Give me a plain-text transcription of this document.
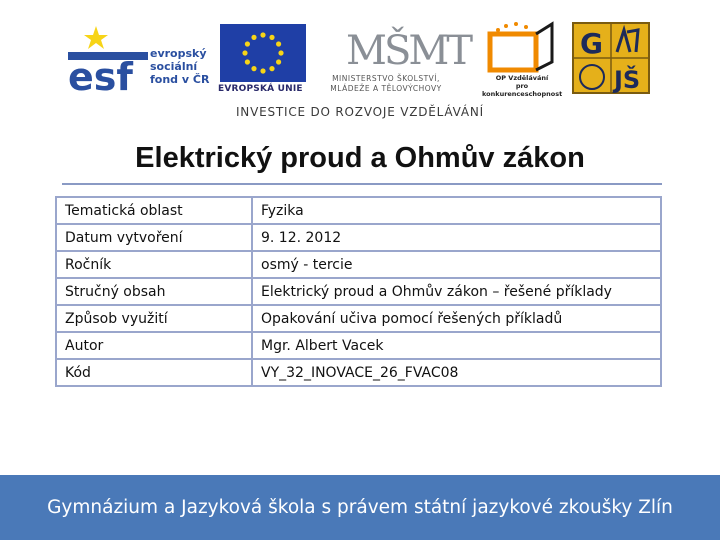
esf
evropský
sociální
fond v ČR
EVROPSKÁ UNIE
MŠMT
MINISTERSTVO ŠKOLSTVÍ,
MLÁDEŽE A TĚLOVÝCHOVY
OP Vzdělávání
pro konkurenceschopnost
G
JŠ
INVESTICE DO ROZVOJE VZDĚLÁVÁNÍ
Elektrický proud a Ohmův zákon
Tematická oblast	Fyzika
Datum vytvoření	9. 12. 2012
Ročník	osmý - tercie
Stručný obsah	Elektrický proud a Ohmův zákon – řešené příklady
Způsob využití	Opakování učiva pomocí řešených příkladů
Autor	Mgr. Albert Vacek
Kód	VY_32_INOVACE_26_FVAC08
Gymnázium a Jazyková škola s právem státní jazykové zkoušky Zlín
